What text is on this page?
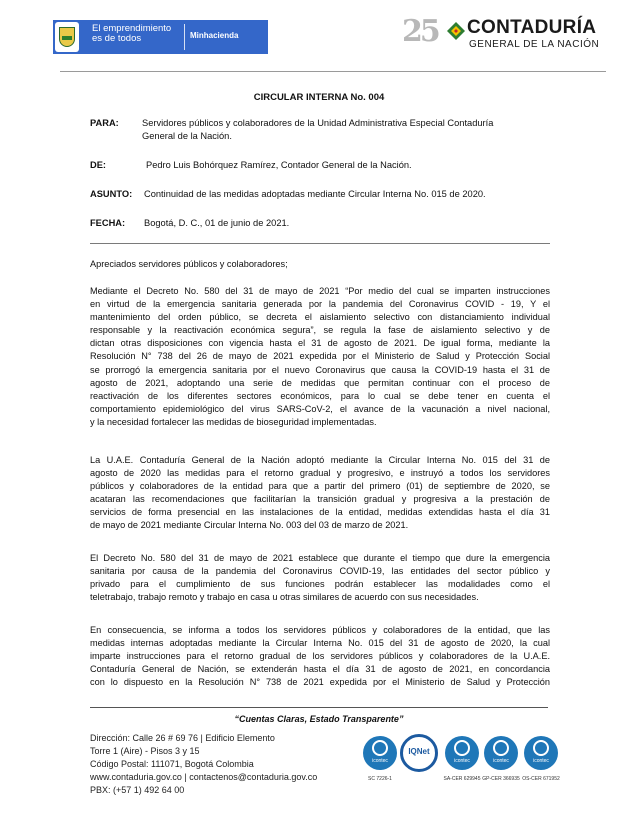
El emprendimiento
es de todos	Minhacienda	25 CONTADURÍA
GENERAL DE LA NACIÓN
CIRCULAR INTERNA No. 004
PARA:	Servidores públicos y colaboradores de la Unidad Administrativa Especial Contaduría
General de la Nación.
DE:	Pedro Luis Bohórquez Ramírez, Contador General de la Nación.
ASUNTO: Continuidad de las medidas adoptadas mediante Circular Interna No. 015 de 2020.
FECHA: Bogotá, D. C., 01 de junio de 2021.
Apreciados servidores públicos y colaboradores;
Mediante el Decreto No. 580 del 31 de mayo de 2021 “Por medio del cual se imparten instrucciones
en virtud de la emergencia sanitaria generada por la pandemia del Coronavirus COVID - 19, Y el
mantenimiento del orden público, se decreta el aislamiento selectivo con distanciamiento individual
responsable y la reactivación económica segura”, se regula la fase de aislamiento selectivo y de
dictan otras disposiciones con vigencia hasta el 31 de agosto de 2021. De igual forma, mediante la
Resolución N° 738 del 26 de mayo de 2021 expedida por el Ministerio de Salud y Protección Social
se prorrogó la emergencia sanitaria por el nuevo Coronavirus que causa la COVID-19 hasta el 31 de
agosto de 2021, adoptando una serie de medidas que permitan continuar con el proceso de
reactivación de los diferentes sectores económicos, para lo cual se debe tener en cuenta el
comportamiento epidemiológico del virus SARS-CoV-2, el avance de la vacunación a nivel nacional,
y la necesidad fortalecer las medidas de bioseguridad implementadas.
La U.A.E. Contaduría General de la Nación adoptó mediante la Circular Interna No. 015 del 31 de
agosto de 2020 las medidas para el retorno gradual y progresivo, e instruyó a todos los servidores
públicos y colaboradores de la entidad para que a partir del primero (01) de septiembre de 2020, se
acataran las recomendaciones que facilitarían la transición gradual y progresiva a la prestación de
servicios de forma presencial en las instalaciones de la entidad, medidas extendidas hasta el día 31
de mayo de 2021 mediante Circular Interna No. 003 del 03 de marzo de 2021.
El Decreto No. 580 del 31 de mayo de 2021 establece que durante el tiempo que dure la emergencia
sanitaria por causa de la pandemia del Coronavirus COVID-19, las entidades del sector público y
privado para el cumplimiento de sus funciones podrán establecer las modalidades como el
teletrabajo, trabajo remoto y trabajo en casa u otras similares de acuerdo con sus necesidades.
En consecuencia, se informa a todos los servidores públicos y colaboradores de la entidad, que las
medidas internas adoptadas mediante la Circular Interna No. 015 del 31 de agosto de 2020, la cual
imparte instrucciones para el retorno gradual de los servidores públicos y colaboradores de la U.A.E.
Contaduría General de Nación, se extenderán hasta el día 31 de agosto de 2021, en concordancia
con lo dispuesto en la Resolución N° 738 de 2021 expedida por el Ministerio de Salud y Protección
“Cuentas Claras, Estado Transparente”
Dirección: Calle 26 # 69 76 | Edificio Elemento
Torre 1 (Aire) - Pisos 3 y 15
Código Postal: 111071, Bogotá Colombia
www.contaduria.gov.co | contactenos@contaduria.gov.co
PBX: (+57 1) 492 64 00
icontec
SC 7226-1
IQNet
icontec
SA-CER 629945
icontec
GP-CER 366935
icontec
OS-CER 671952
